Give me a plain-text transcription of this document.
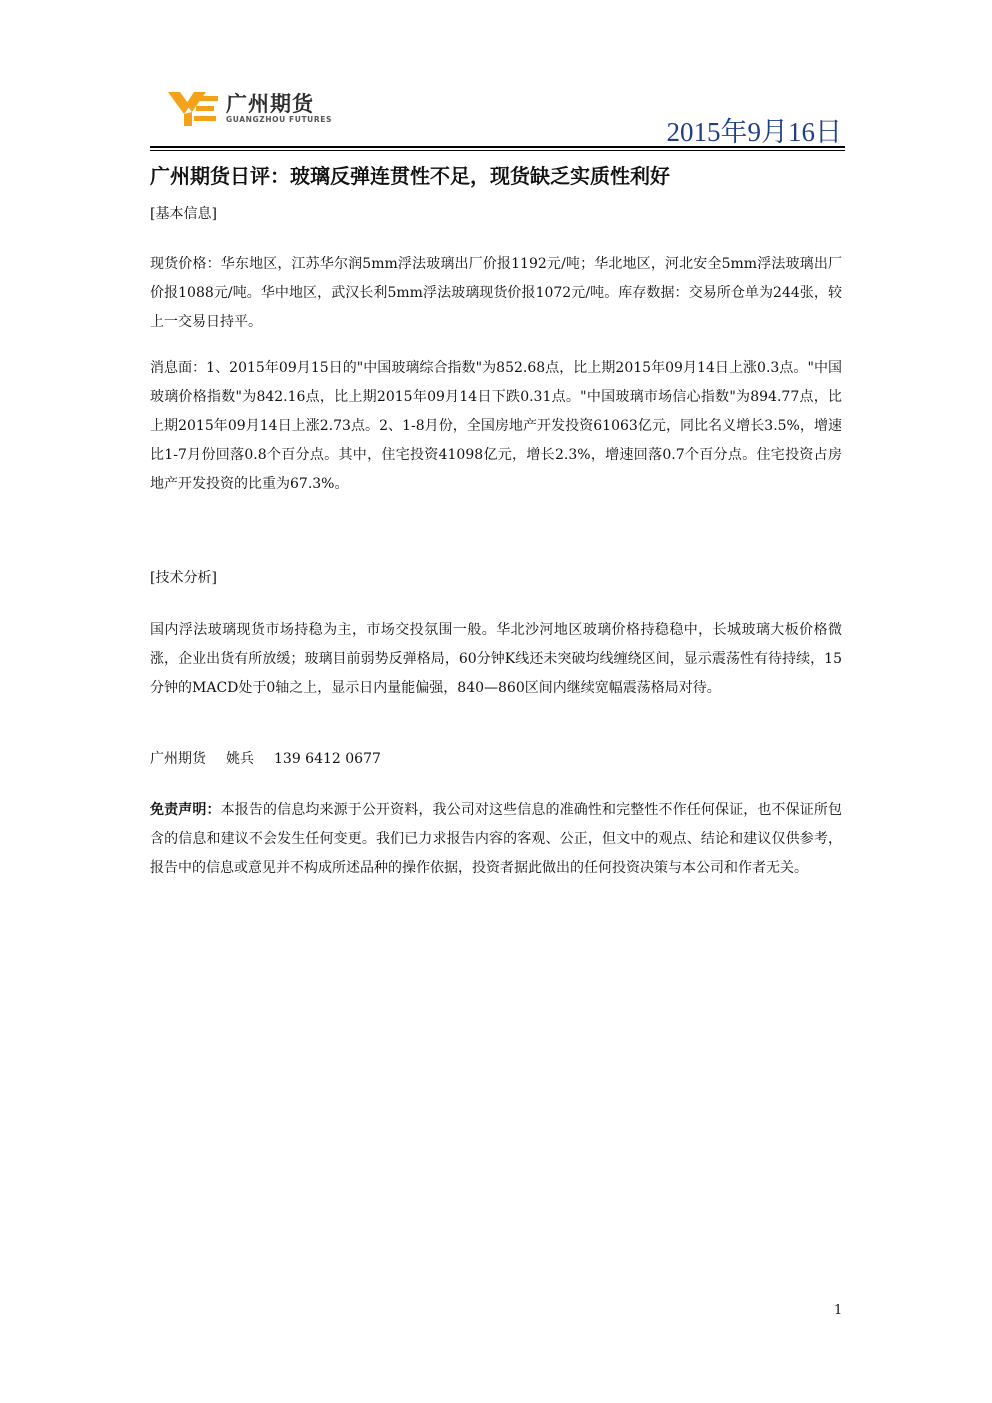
广州期货
GUANGZHOU FUTURES	2015年9月16日
广州期货日评：玻璃反弹连贯性不足，现货缺乏实质性利好

[基本信息]

现货价格：华东地区，江苏华尔润5mm浮法玻璃出厂价报1192元/吨；华北地区，河北安全5mm浮法玻璃出厂价报1088元/吨。华中地区，武汉长利5mm浮法玻璃现货价报1072元/吨。库存数据：交易所仓单为244张，较上一交易日持平。

消息面：1、2015年09月15日的"中国玻璃综合指数"为852.68点，比上期2015年09月14日上涨0.3点。"中国玻璃价格指数"为842.16点，比上期2015年09月14日下跌0.31点。"中国玻璃市场信心指数"为894.77点，比上期2015年09月14日上涨2.73点。2、1-8月份，全国房地产开发投资61063亿元，同比名义增长3.5%，增速比1-7月份回落0.8个百分点。其中，住宅投资41098亿元，增长2.3%，增速回落0.7个百分点。住宅投资占房地产开发投资的比重为67.3%。

[技术分析]

国内浮法玻璃现货市场持稳为主，市场交投氛围一般。华北沙河地区玻璃价格持稳稳中，长城玻璃大板价格微涨，企业出货有所放缓；玻璃目前弱势反弹格局，60分钟K线还未突破均线缠绕区间，显示震荡性有待持续，15分钟的MACD处于0轴之上，显示日内量能偏强，840—860区间内继续宽幅震荡格局对待。

广州期货 姚兵 139 6412 0677

免责声明：本报告的信息均来源于公开资料，我公司对这些信息的准确性和完整性不作任何保证，也不保证所包含的信息和建议不会发生任何变更。我们已力求报告内容的客观、公正，但文中的观点、结论和建议仅供参考，报告中的信息或意见并不构成所述品种的操作依据，投资者据此做出的任何投资决策与本公司和作者无关。

1
